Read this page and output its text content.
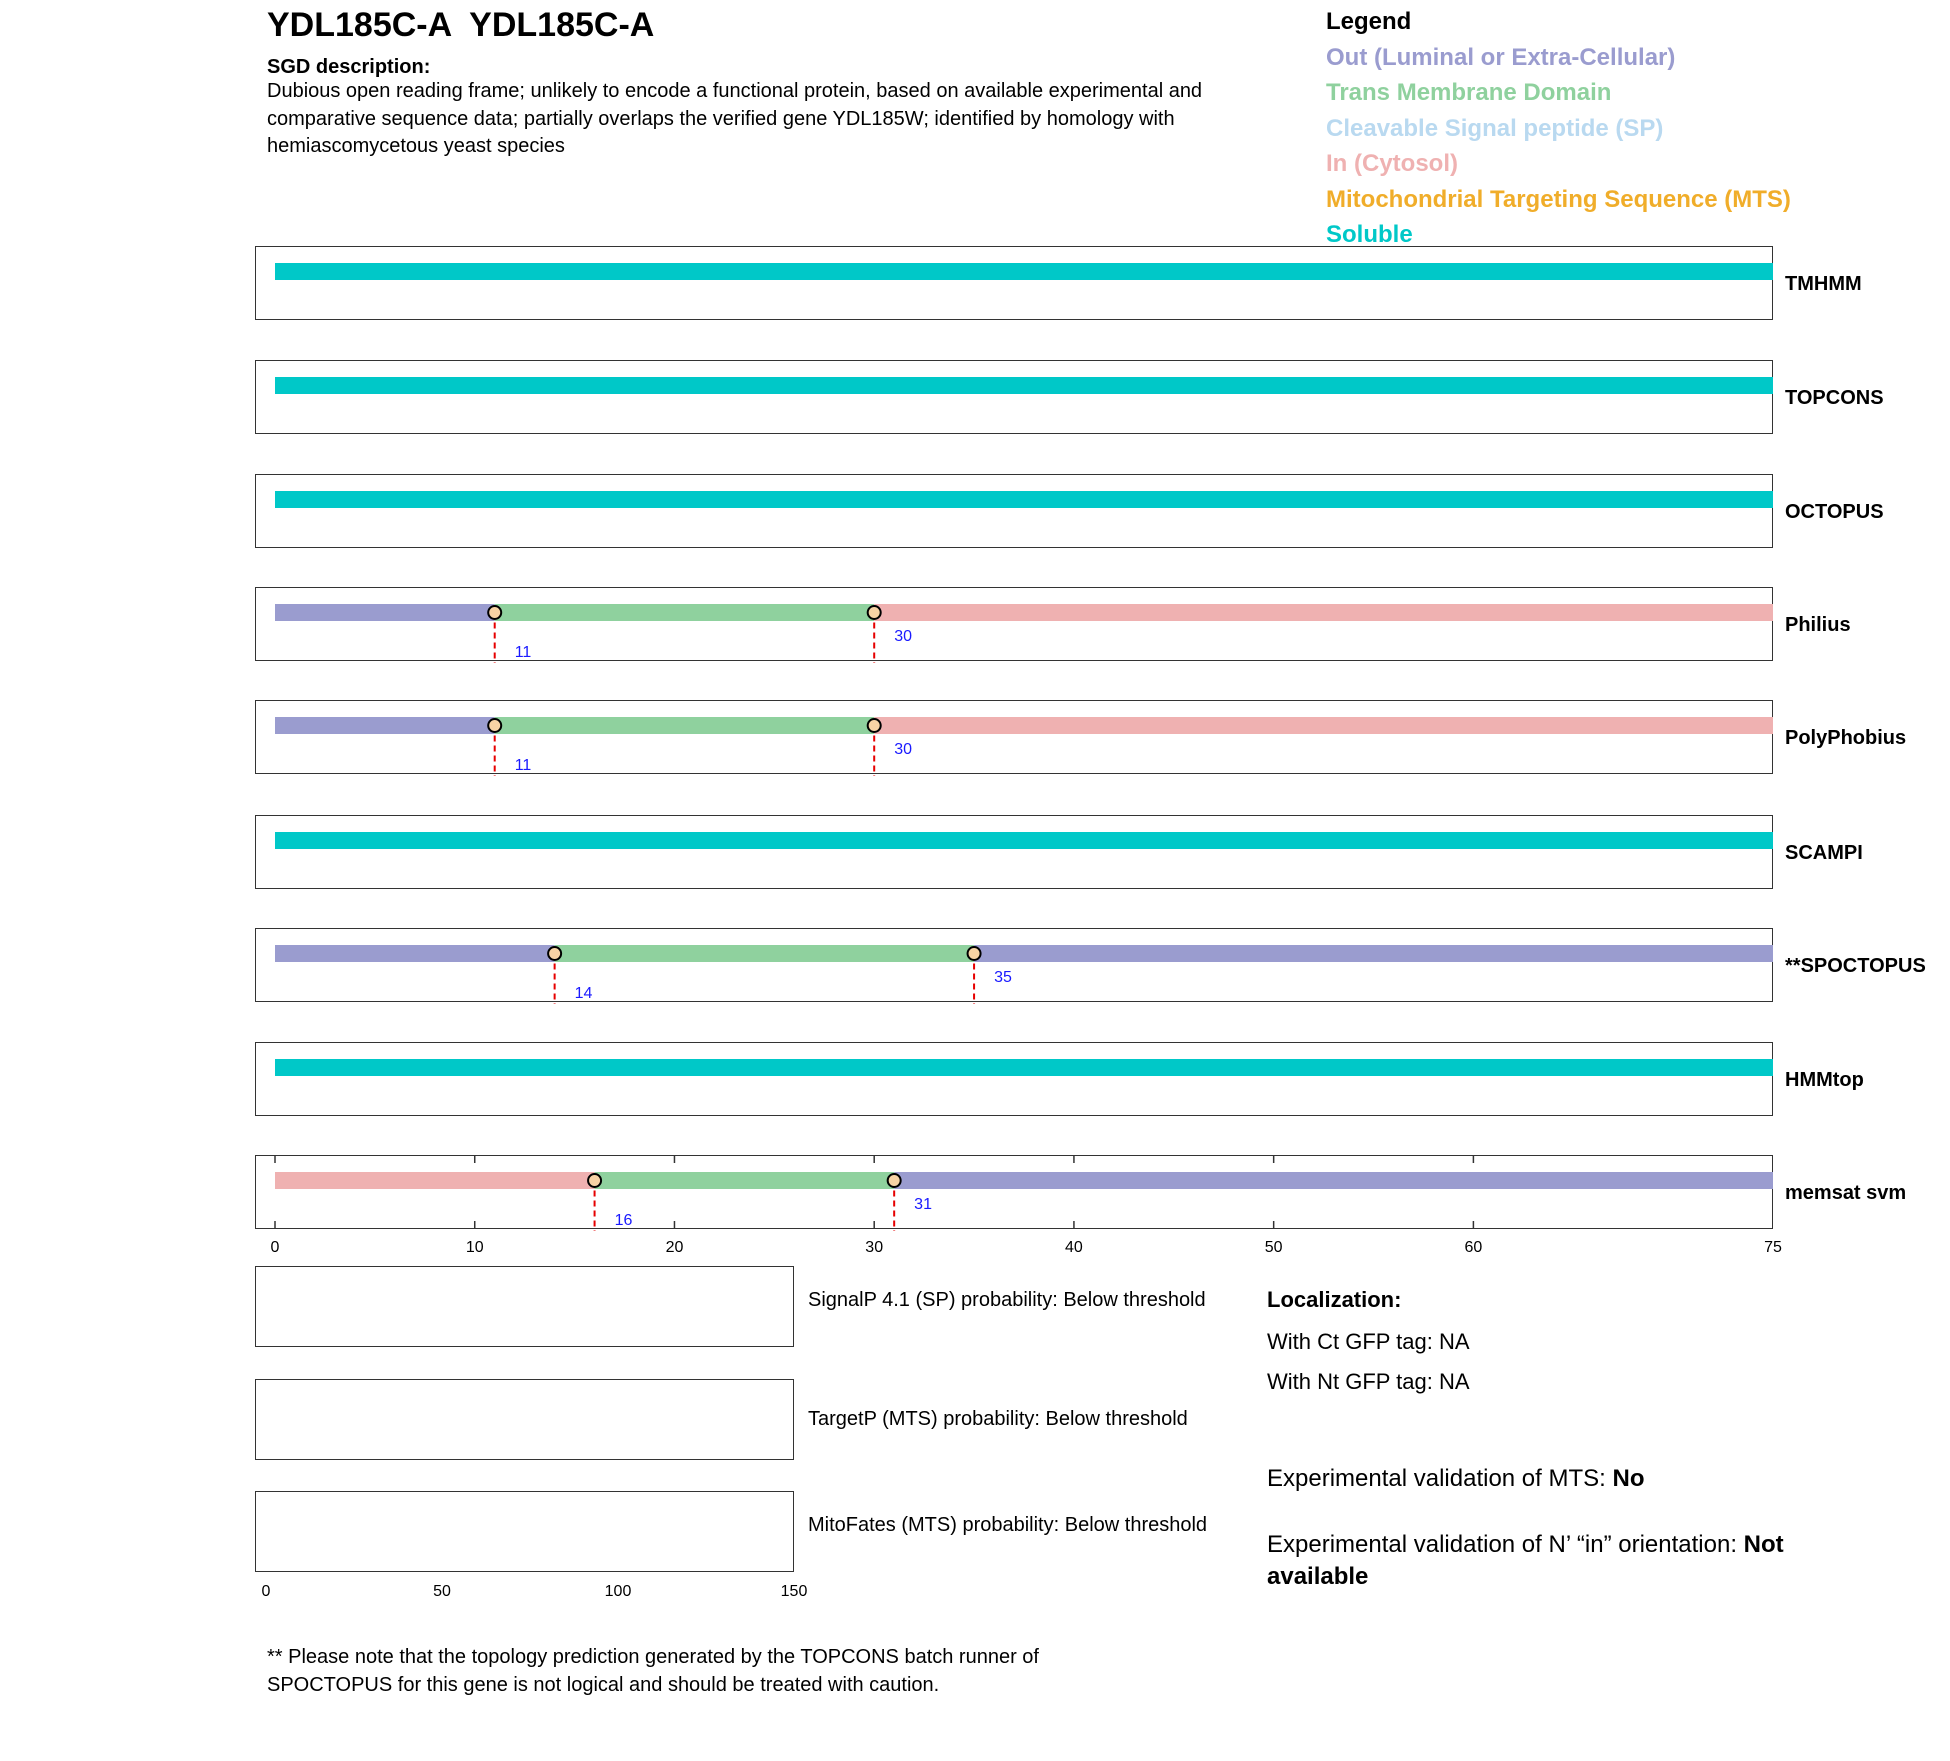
YDL185C-A  YDL185C-A
SGD description:
Dubious open reading frame; unlikely to encode a functional protein, based on available experimental and comparative sequence data; partially overlaps the verified gene YDL185W; identified by homology with hemiascomycetous yeast species
Legend
Out (Luminal or Extra-Cellular)
Trans Membrane Domain
Cleavable Signal peptide (SP)
In (Cytosol)
Mitochondrial Targeting Sequence (MTS)
Soluble
TMHMM
TOPCONS
OCTOPUS
Philius
11
30
PolyPhobius
11
30
SCAMPI
**SPOCTOPUS
14
35
HMMtop
memsat svm
16
31
0	10	20	30	40	50	60	75
SignalP 4.1 (SP) probability: Below threshold
TargetP (MTS) probability: Below threshold
MitoFates (MTS) probability: Below threshold
0	50	100	150
Localization:
With Ct GFP tag: NA
With Nt GFP tag: NA
Experimental validation of MTS: No
Experimental validation of N’ “in” orientation: Not available
** Please note that the topology prediction generated by the TOPCONS batch runner of SPOCTOPUS for this gene is not logical and should be treated with caution.
